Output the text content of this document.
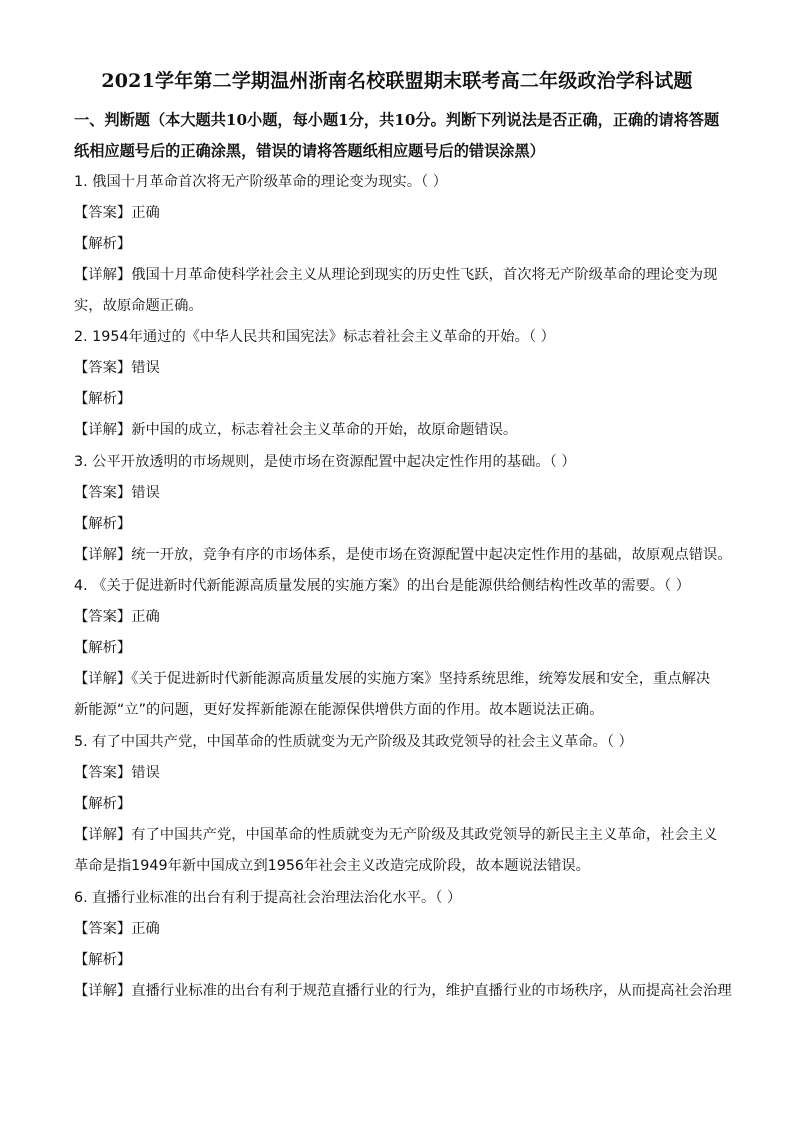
2021学年第二学期温州浙南名校联盟期末联考高二年级政治学科试题
一、判断题（本大题共10小题，每小题1分，共10分。判断下列说法是否正确，正确的请将答题纸相应题号后的正确涂黑，错误的请将答题纸相应题号后的错误涂黑）
1. 俄国十月革命首次将无产阶级革命的理论变为现实。（ ）
【答案】正确
【解析】
【详解】俄国十月革命使科学社会主义从理论到现实的历史性飞跃，首次将无产阶级革命的理论变为现实，故原命题正确。
2. 1954年通过的《中华人民共和国宪法》标志着社会主义革命的开始。（ ）
【答案】错误
【解析】
【详解】新中国的成立，标志着社会主义革命的开始，故原命题错误。
3. 公平开放透明的市场规则，是使市场在资源配置中起决定性作用的基础。（ ）
【答案】错误
【解析】
【详解】统一开放，竞争有序的市场体系，是使市场在资源配置中起决定性作用的基础，故原观点错误。
4. 《关于促进新时代新能源高质量发展的实施方案》的出台是能源供给侧结构性改革的需要。（ ）
【答案】正确
【解析】
【详解】《关于促进新时代新能源高质量发展的实施方案》坚持系统思维，统筹发展和安全，重点解决新能源“立”的问题，更好发挥新能源在能源保供增供方面的作用。故本题说法正确。
5. 有了中国共产党，中国革命的性质就变为无产阶级及其政党领导的社会主义革命。（ ）
【答案】错误
【解析】
【详解】有了中国共产党，中国革命的性质就变为无产阶级及其政党领导的新民主主义革命，社会主义革命是指1949年新中国成立到1956年社会主义改造完成阶段，故本题说法错误。
6. 直播行业标准的出台有利于提高社会治理法治化水平。（ ）
【答案】正确
【解析】
【详解】直播行业标准的出台有利于规范直播行业的行为，维护直播行业的市场秩序，从而提高社会治理
